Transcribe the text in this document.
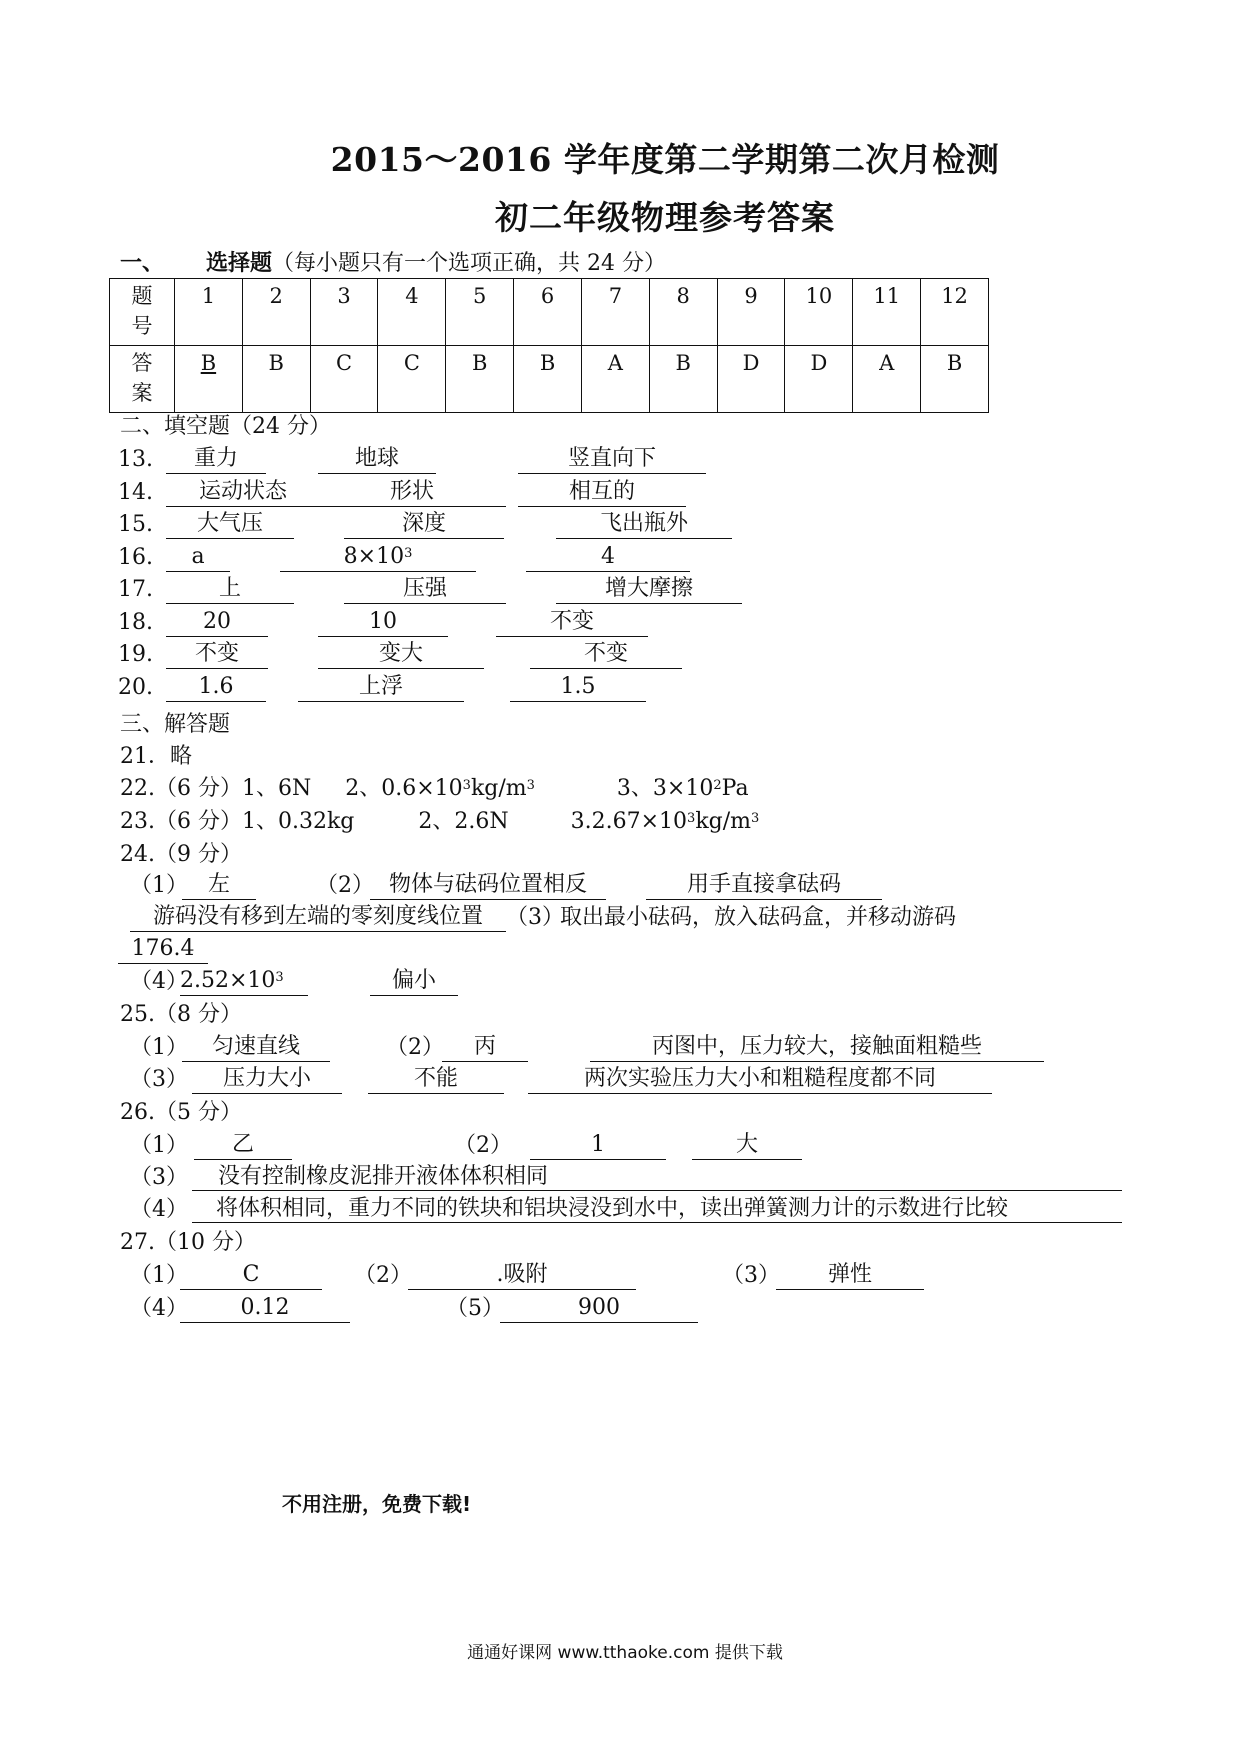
2015～2016 学年度第二学期第二次月检测
初二年级物理参考答案
一、 选择题（每小题只有一个选项正确，共 24 分）
题号	1	2	3	4	5	6	7	8	9	10	11	12

答案	B	B	C	C	B	B	A	B	D	D	A	B
二、填空题（24 分）
13.	重力	地球	竖直向下
14.	运动状态	形状	相互的
15.	大气压	深度	飞出瓶外
16.	a	$8\times 10^3$	4
17.	上	压强	增大摩擦
18.	20	10	不变
19.	不变	变大	不变
20.	1.6	上浮	1.5
三、解答题
21．略
22.（6 分）1、6N 2、$0.6\times 10^3kg/m^3$	3、$3\times 10^2Pa$
23.（6 分）1、0.32kg	2、2.6N	$3.2.67\times 10^3kg/m^3$
24.（9 分）
（1） 左	（2） 物体与砝码位置相反	用手直接拿砝码
游码没有移到左端的零刻度线位置	（3）
取出最小砝码，放入砝码盒，并移动游码
176.4
（4）
$2.52\times 10^3$	偏小
25.（8 分）
（1）	匀速直线	（2）	丙	丙图中，压力较大，接触面粗糙些
（3）	压力大小	不能	两次实验压力大小和粗糙程度都不同
26.（5 分）
（1）	乙	（2）	1	大
（3）	没有控制橡皮泥排开液体体积相同
（4）	将体积相同，重力不同的铁块和铝块浸没到水中，读出弹簧测力计的示数进行比较
27.（10 分）
（1）	C	（2）	.吸附	（3）	弹性
（4）	0.12	（5）	900
不用注册，免费下载!
通通好课网 www.tthaoke.com 提供下载
